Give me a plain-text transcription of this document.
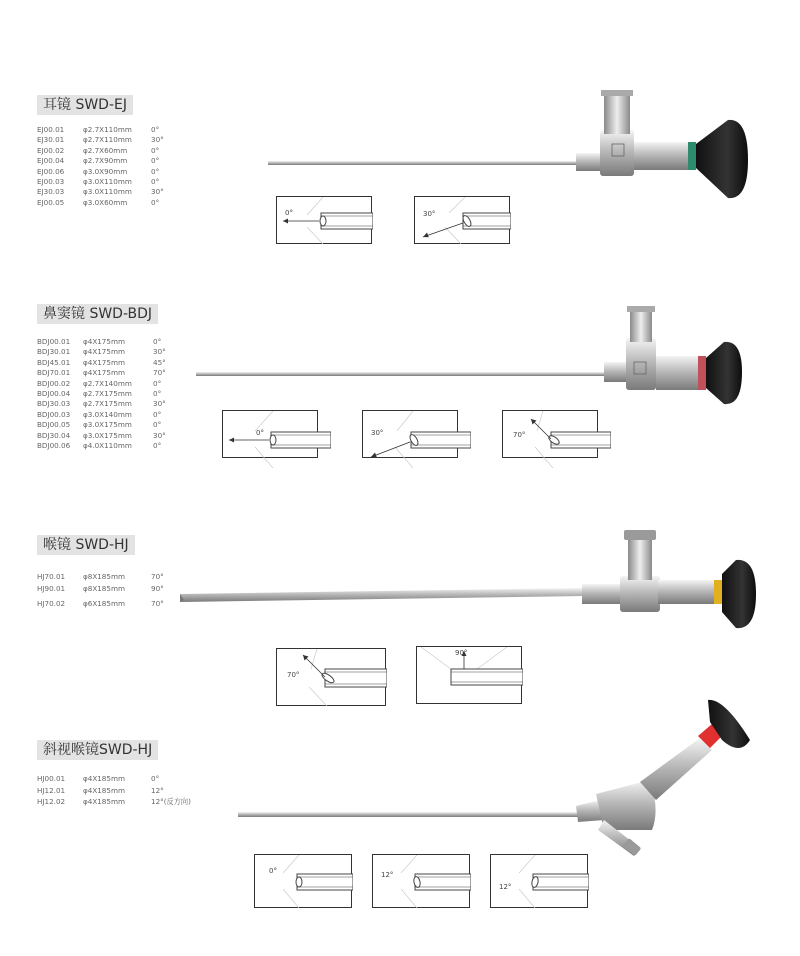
耳镜 SWD-EJ
EJ00.01	φ2.7X110mm	0°
EJ30.01	φ2.7X110mm	30°
EJ00.02	φ2.7X60mm	0°
EJ00.04	φ2.7X90mm	0°
EJ00.06	φ3.0X90mm	0°
EJ00.03	φ3.0X110mm	0°
EJ30.03	φ3.0X110mm	30°
EJ00.05	φ3.0X60mm	0°
0°	30°
鼻窦镜 SWD-BDJ
BDJ00.01	φ4X175mm	0°
BDJ30.01	φ4X175mm	30°
BDJ45.01	φ4X175mm	45°
BDJ70.01	φ4X175mm	70°
BDJ00.02	φ2.7X140mm	0°
BDJ00.04	φ2.7X175mm	0°
BDJ30.03	φ2.7X175mm	30°
BDJ00.03	φ3.0X140mm	0°
BDJ00.05	φ3.0X175mm	0°
BDJ30.04	φ3.0X175mm	30°
BDJ00.06	φ4.0X110mm	0°
0°	30°	70°
喉镜 SWD-HJ
HJ70.01	φ8X185mm	70°
HJ90.01	φ8X185mm	90°
HJ70.02	φ6X185mm	70°
70°
90°
斜视喉镜SWD-HJ
HJ00.01	φ4X185mm	0°
HJ12.01	φ4X185mm	12°
HJ12.02	φ4X185mm	12°(反方向)
0°	12°
12°
